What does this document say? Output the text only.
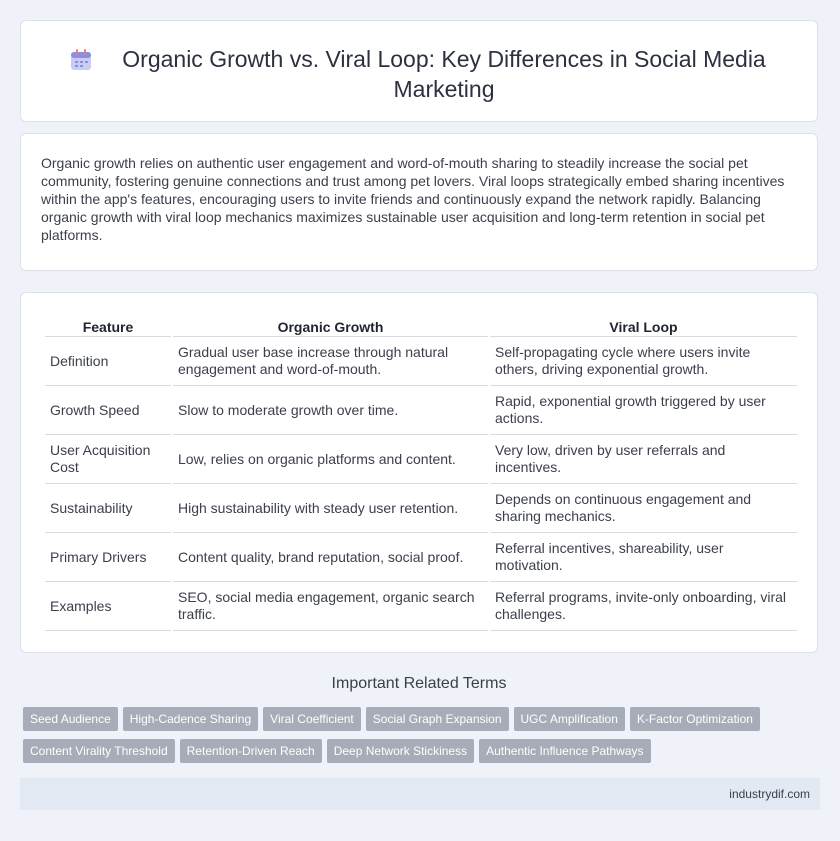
Organic Growth vs. Viral Loop: Key Differences in Social Media Marketing

Organic growth relies on authentic user engagement and word-of-mouth sharing to steadily increase the social pet community, fostering genuine connections and trust among pet lovers. Viral loops strategically embed sharing incentives within the app's features, encouraging users to invite friends and continuously expand the network rapidly. Balancing organic growth with viral loop mechanics maximizes sustainable user acquisition and long-term retention in social pet platforms.

Feature	Organic Growth	Viral Loop
Definition	Gradual user base increase through natural engagement and word-of-mouth.	Self-propagating cycle where users invite others, driving exponential growth.
Growth Speed	Slow to moderate growth over time.	Rapid, exponential growth triggered by user actions.
User Acquisition Cost	Low, relies on organic platforms and content.	Very low, driven by user referrals and incentives.
Sustainability	High sustainability with steady user retention.	Depends on continuous engagement and sharing mechanics.
Primary Drivers	Content quality, brand reputation, social proof.	Referral incentives, shareability, user motivation.
Examples	SEO, social media engagement, organic search traffic.	Referral programs, invite-only onboarding, viral challenges.
Important Related Terms
Seed Audience High-Cadence Sharing Viral Coefficient Social Graph Expansion UGC Amplification K-Factor Optimization
Content Virality Threshold Retention-Driven Reach Deep Network Stickiness Authentic Influence Pathways
industrydif.com
